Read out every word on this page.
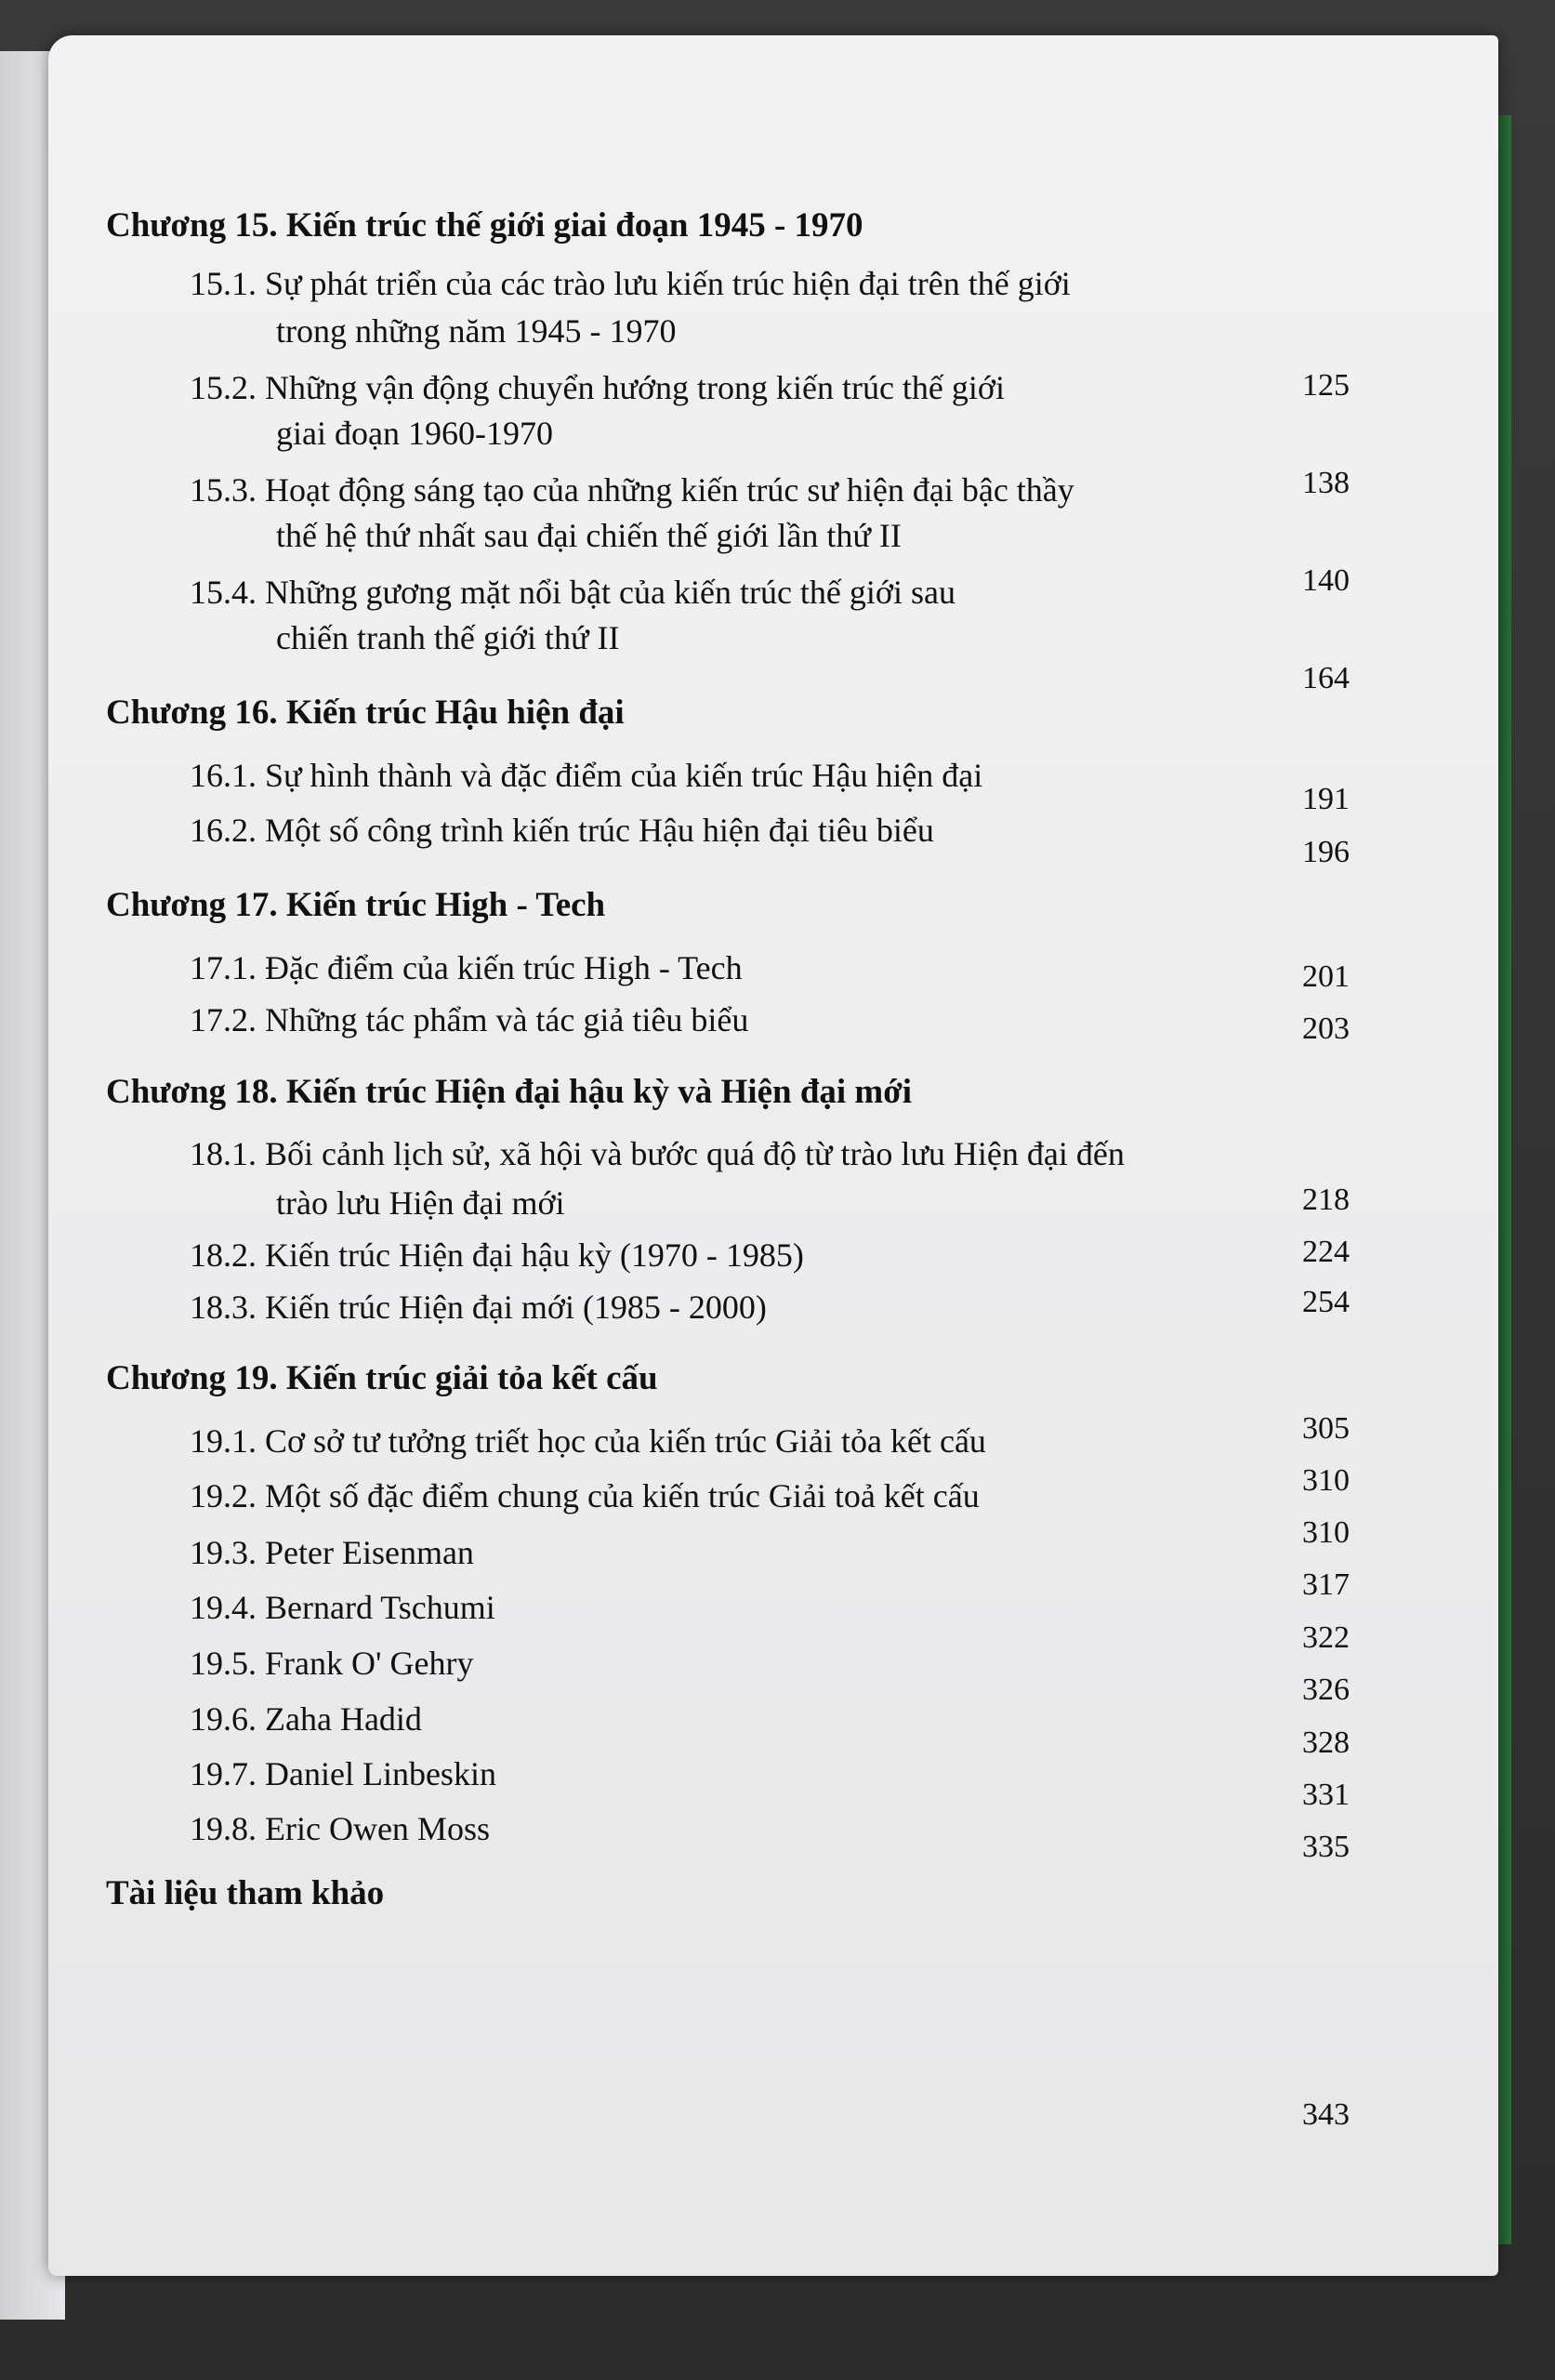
Chương 15. Kiến trúc thế giới giai đoạn 1945 - 1970
15.1. Sự phát triển của các trào lưu kiến trúc hiện đại trên thế giới
trong những năm 1945 - 1970
15.2. Những vận động chuyển hướng trong kiến trúc thế giới
giai đoạn 1960-1970
15.3. Hoạt động sáng tạo của những kiến trúc sư hiện đại bậc thầy
thế hệ thứ nhất sau đại chiến thế giới lần thứ II
15.4. Những gương mặt nổi bật của kiến trúc thế giới sau
chiến tranh thế giới thứ II
125
138
140
164
Chương 16. Kiến trúc Hậu hiện đại
16.1. Sự hình thành và đặc điểm của kiến trúc Hậu hiện đại
16.2. Một số công trình kiến trúc Hậu hiện đại tiêu biểu
191
196
Chương 17. Kiến trúc High - Tech
17.1. Đặc điểm của kiến trúc High - Tech
17.2. Những tác phẩm và tác giả tiêu biểu
201
203
Chương 18. Kiến trúc Hiện đại hậu kỳ và Hiện đại mới
18.1. Bối cảnh lịch sử, xã hội và bước quá độ từ trào lưu Hiện đại đến
trào lưu Hiện đại mới
18.2. Kiến trúc Hiện đại hậu kỳ (1970 - 1985)
18.3. Kiến trúc Hiện đại mới (1985 - 2000)
218
224
254
Chương 19. Kiến trúc giải tỏa kết cấu
19.1. Cơ sở tư tưởng triết học của kiến trúc Giải tỏa kết cấu
19.2. Một số đặc điểm chung của kiến trúc Giải toả kết cấu
19.3. Peter Eisenman
19.4. Bernard Tschumi
19.5. Frank O' Gehry
19.6. Zaha Hadid
19.7. Daniel Linbeskin
19.8. Eric Owen Moss
305
310
310
317
322
326
328
331
335
Tài liệu tham khảo
343
